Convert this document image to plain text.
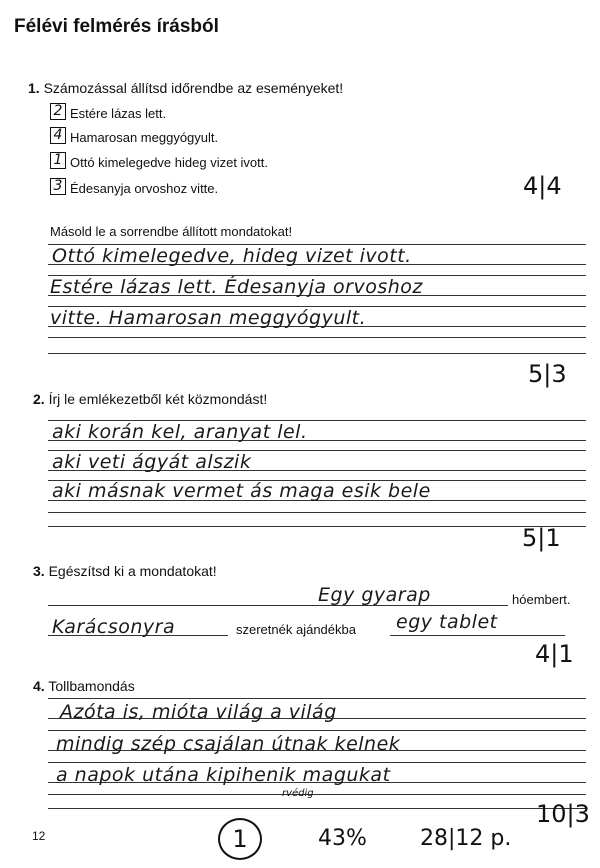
Félévi felmérés írásból
1. Számozással állítsd időrendbe az eseményeket!
2 Estére lázas lett.
4 Hamarosan meggyógyult.
1 Ottó kimelegedve hideg vizet ivott.
3 Édesanyja orvoshoz vitte.	4|4
Másold le a sorrendbe állított mondatokat!
Ottó kimelegedve, hideg vizet ivott.
Estére lázas lett. Édesanyja orvoshoz
vitte. Hamarosan meggyógyult.
5|3
2. Írj le emlékezetből két közmondást!
aki korán kel, aranyat lel.
aki veti ágyát alszik
aki másnak vermet ás maga esik bele
5|1
3. Egészítsd ki a mondatokat!
Egy gyarap	hóembert.
Karácsonyra	szeretnék ajándékba egy tablet
4|1
4. Tollbamondás
Azóta is, mióta világ a világ
mindig szép csajálan útnak kelnek
a napok utána kipihenik magukat
rvédig
10|3
12	1	43% 28|12 p.
